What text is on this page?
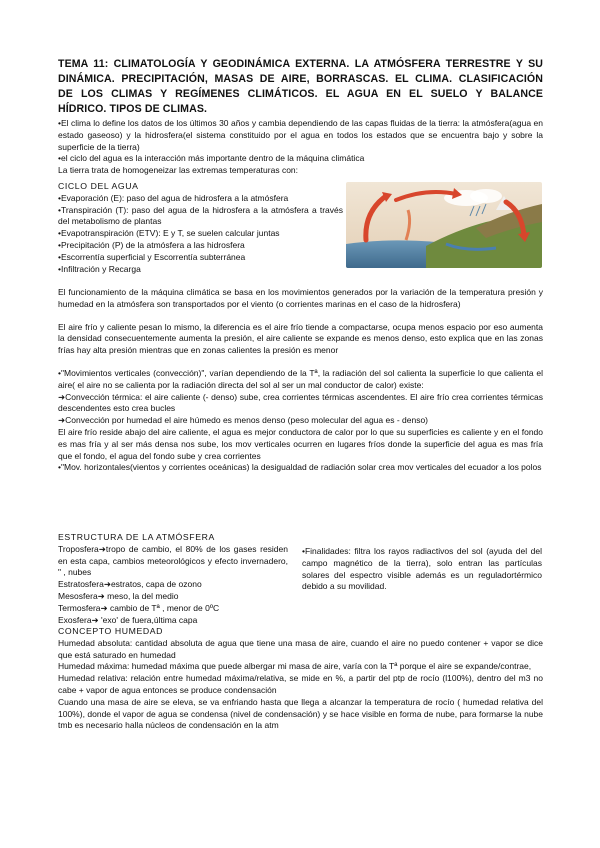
TEMA 11: CLIMATOLOGÍA Y GEODINÁMICA EXTERNA. LA ATMÓSFERA TERRESTRE Y SU
DINÁMICA. PRECIPITACIÓN, MASAS DE AIRE, BORRASCAS. EL CLIMA. CLASIFICACIÓN
DE LOS CLIMAS Y REGÍMENES CLIMÁTICOS. EL AGUA EN EL SUELO Y BALANCE
HÍDRICO. TIPOS DE CLIMAS.

•El clima lo define los datos de los últimos 30 años y cambia dependiendo de las capas fluidas de la tierra: la atmósfera(agua en estado gaseoso) y la hidrosfera(el sistema constituido por el agua en todos los estados que se encuentra bajo y sobre la superficie de la tierra)

•el ciclo del agua es la interacción más importante dentro de la máquina climática

La tierra trata de homogeneizar las extremas temperaturas con:

CICLO DEL AGUA

•Evaporación (E): paso del agua de hidrosfera a la atmósfera

•Transpiración (T): paso del agua de la hidrosfera a la atmósfera a través del metabolismo de plantas

•Evapotranspiración (ETV): E y T, se suelen calcular juntas

•Precipitación (P) de la atmósfera a las hidrosfera

•Escorrentía superficial y Escorrentía subterránea

•Infiltración y Recarga

El funcionamiento de la máquina climática se basa en los movimientos generados por la variación de la temperatura presión y humedad en la atmósfera son transportados por el viento (o corrientes marinas en el caso de la hidrosfera)

El aire frío y caliente pesan lo mismo, la diferencia es el aire frío tiende a compactarse, ocupa menos espacio por eso aumenta la densidad consecuentemente aumenta la presión, el aire caliente se expande es menos denso, esto explica que en las zonas frías hay alta presión mientras que en zonas calientes la presión es menor

•"Movimientos verticales (convección)", varían dependiendo de la Tª, la radiación del sol calienta la superficie lo que calienta el aire( el aire no se calienta por la radiación directa del sol al ser un mal conductor de calor) existe:

➜Convección térmica: el aire caliente (- denso) sube, crea corrientes térmicas ascendentes. El aire frío crea corrientes térmicas descendentes esto crea bucles

➜Convección por humedad el aire húmedo es menos denso (peso molecular del agua es - denso)

El aire frío reside abajo del aire caliente, el agua es mejor conductora de calor por lo que su superficies es caliente y en el fondo es mas fría y al ser más densa nos sube, los mov verticales ocurren en lugares fríos donde la superficie del agua es mas fría que el fondo, el agua del fondo sube y crea corrientes

•"Mov. horizontales(vientos y corrientes oceánicas) la desigualdad de radiación solar crea mov verticales del ecuador a los polos

ESTRUCTURA DE LA ATMÓSFERA

Troposfera➜tropo de cambio, el 80% de los gases residen en esta capa, cambios meteorológicos y efecto invernadero, " , nubes

Estratosfera➜estratos, capa de ozono

Mesosfera➜ meso, la del medio

Termosfera➜ cambio de Tª , menor de 0ºC

Exosfera➜ 'exo' de fuera,última capa

•Finalidades: filtra los rayos radiactivos del sol (ayuda del del campo magnético de la tierra), solo entran las partículas solares del espectro visible además es un reguladortérmico debido a su movilidad.

CONCEPTO HUMEDAD

Humedad absoluta: cantidad absoluta de agua que tiene una masa de aire, cuando el aire no puedo contener + vapor se dice que está saturado en humedad

Humedad máxima: humedad máxima que puede albergar mi masa de aire, varía con la Tª porque el aire se expande/contrae,

Humedad relativa: relación entre humedad máxima/relativa, se mide en %, a partir del ptp de rocío (l100%), dentro del m3 no cabe + vapor de agua entonces se produce condensación

Cuando una masa de aire se eleva, se va enfriando hasta que llega a alcanzar la temperatura de rocío ( humedad relativa del 100%), donde el vapor de agua se condensa (nivel de condensación) y se hace visible en forma de nube, para formarse la nube tmb es necesario halla núcleos de condensación en la atm
